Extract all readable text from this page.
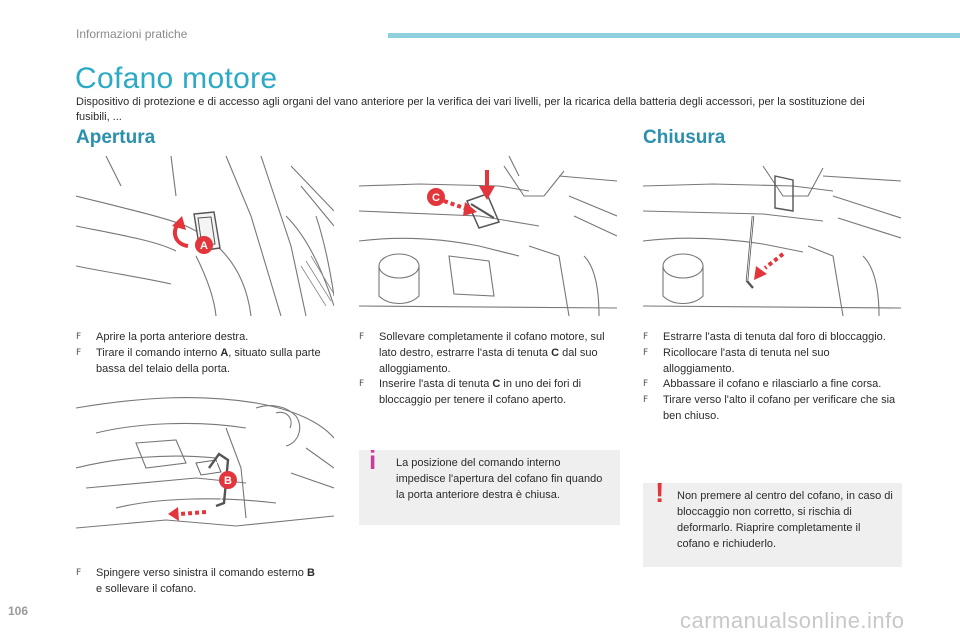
Informazioni pratiche
Cofano motore

Dispositivo di protezione e di accesso agli organi del vano anteriore per la verifica dei vari livelli, per la ricarica della batteria degli accessori, per la sostituzione dei fusibili, ...

Apertura	Chiusura
A
B
C
F Aprire la porta anteriore destra.
F Tirare il comando interno A, situato sulla parte bassa del telaio della porta.
F Spingere verso sinistra il comando esterno B e sollevare il cofano.
F Sollevare completamente il cofano motore, sul lato destro, estrarre l'asta di tenuta C dal suo alloggiamento.
F Inserire l'asta di tenuta C in uno dei fori di bloccaggio per tenere il cofano aperto.
i La posizione del comando interno impedisce l'apertura del cofano fin quando la porta anteriore destra è chiusa.
F Estrarre l'asta di tenuta dal foro di bloccaggio.
F Ricollocare l'asta di tenuta nel suo alloggiamento.
F Abbassare il cofano e rilasciarlo a fine corsa.
F Tirare verso l'alto il cofano per verificare che sia ben chiuso.
! Non premere al centro del cofano, in caso di bloccaggio non corretto, si rischia di deformarlo. Riaprire completamente il cofano e richiuderlo.
106	carmanualsonline.info
